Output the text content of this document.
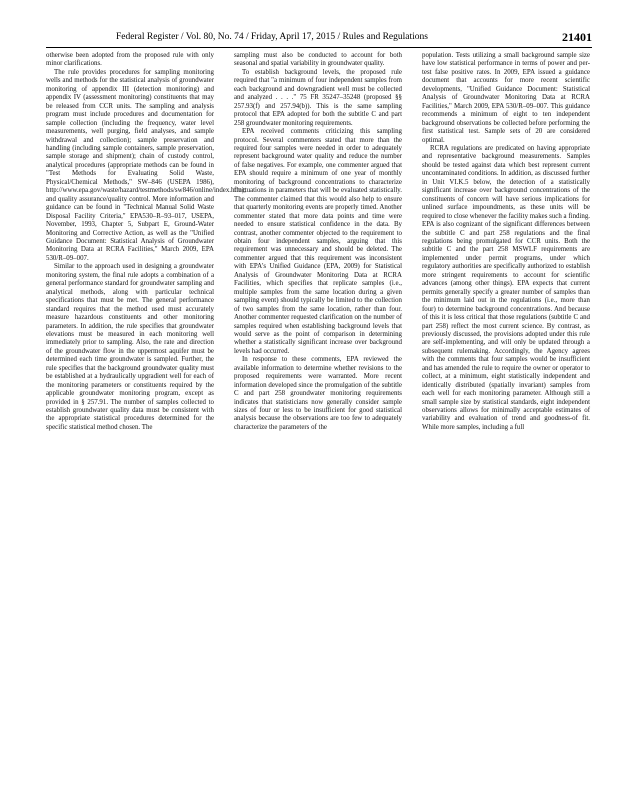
Federal Register / Vol. 80, No. 74 / Friday, April 17, 2015 / Rules and Regulations	21401

otherwise been adopted from the proposed rule with only minor clarifications.

The rule provides procedures for sampling monitoring wells and methods for the statistical analysis of groundwater monitoring of appendix III (detection monitoring) and appendix IV (assessment monitoring) constituents that may be released from CCR units. The sampling and analysis program must include procedures and documentation for sample collection (including the frequency, water level measurements, well purging, field analyses, and sample withdrawal and collection); sample preservation and handling (including sample containers, sample preservation, sample storage and shipment); chain of custody control, analytical procedures (appropriate methods can be found in "Test Methods for Evaluating Solid Waste, Physical/Chemical Methods," SW–846 (USEPA 1986), http://www.epa.gov/waste/hazard/testmethods/sw846/online/index.htm); and quality assurance/quality control. More information and guidance can be found in "Technical Manual Solid Waste Disposal Facility Criteria," EPA530–R–93–017, USEPA, November, 1993, Chapter 5, Subpart E, Ground-Water Monitoring and Corrective Action, as well as the "Unified Guidance Document: Statistical Analysis of Groundwater Monitoring Data at RCRA Facilities," March 2009, EPA 530/R–09–007.

Similar to the approach used in designing a groundwater monitoring system, the final rule adopts a combination of a general performance standard for groundwater sampling and analytical methods, along with particular technical specifications that must be met. The general performance standard requires that the method used must accurately measure hazardous constituents and other monitoring parameters. In addition, the rule specifies that groundwater elevations must be measured in each monitoring well immediately prior to sampling. Also, the rate and direction of the groundwater flow in the uppermost aquifer must be determined each time groundwater is sampled. Further, the rule specifies that the background groundwater quality must be established at a hydraulically upgradient well for each of the monitoring parameters or constituents required by the applicable groundwater monitoring program, except as provided in § 257.91. The number of samples collected to establish groundwater quality data must be consistent with the appropriate statistical procedures determined for the specific statistical method chosen. The

sampling must also be conducted to account for both seasonal and spatial variability in groundwater quality.

To establish background levels, the proposed rule required that "a minimum of four independent samples from each background and downgradient well must be collected and analyzed . . . ." 75 FR 35247–35248 (proposed §§ 257.93(f) and 257.94(b)). This is the same sampling protocol that EPA adopted for both the subtitle C and part 258 groundwater monitoring requirements.

EPA received comments criticizing this sampling protocol. Several commenters stated that more than the required four samples were needed in order to adequately represent background water quality and reduce the number of false negatives. For example, one commenter argued that EPA should require a minimum of one year of monthly monitoring of background concentrations to characterize fluctuations in parameters that will be evaluated statistically. The commenter claimed that this would also help to ensure that quarterly monitoring events are properly timed. Another commenter stated that more data points and time were needed to ensure statistical confidence in the data. By contrast, another commenter objected to the requirement to obtain four independent samples, arguing that this requirement was unnecessary and should be deleted. The commenter argued that this requirement was inconsistent with EPA's Unified Guidance (EPA, 2009) for Statistical Analysis of Groundwater Monitoring Data at RCRA Facilities, which specifies that replicate samples (i.e., multiple samples from the same location during a given sampling event) should typically be limited to the collection of two samples from the same location, rather than four. Another commenter requested clarification on the number of samples required when establishing background levels that would serve as the point of comparison in determining whether a statistically significant increase over background levels had occurred.

In response to these comments, EPA reviewed the available information to determine whether revisions to the proposed requirements were warranted. More recent information developed since the promulgation of the subtitle C and part 258 groundwater monitoring requirements indicates that statisticians now generally consider sample sizes of four or less to be insufficient for good statistical analysis because the observations are too few to adequately characterize the parameters of the

population. Tests utilizing a small background sample size have low statistical performance in terms of power and per-test false positive rates. In 2009, EPA issued a guidance document that accounts for more recent scientific developments, "Unified Guidance Document: Statistical Analysis of Groundwater Monitoring Data at RCRA Facilities," March 2009, EPA 530/R–09–007. This guidance recommends a minimum of eight to ten independent background observations be collected before performing the first statistical test. Sample sets of 20 are considered optimal.

RCRA regulations are predicated on having appropriate and representative background measurements. Samples should be tested against data which best represent current uncontaminated conditions. In addition, as discussed further in Unit VI.K.5 below, the detection of a statistically significant increase over background concentrations of the constituents of concern will have serious implications for unlined surface impoundments, as these units will be required to close whenever the facility makes such a finding. EPA is also cognizant of the significant differences between the subtitle C and part 258 regulations and the final regulations being promulgated for CCR units. Both the subtitle C and the part 258 MSWLF requirements are implemented under permit programs, under which regulatory authorities are specifically authorized to establish more stringent requirements to account for scientific advances (among other things). EPA expects that current permits generally specify a greater number of samples than the minimum laid out in the regulations (i.e., more than four) to determine background concentrations. And because of this it is less critical that those regulations (subtitle C and part 258) reflect the most current science. By contrast, as previously discussed, the provisions adopted under this rule are self-implementing, and will only be updated through a subsequent rulemaking. Accordingly, the Agency agrees with the comments that four samples would be insufficient and has amended the rule to require the owner or operator to collect, at a minimum, eight statistically independent and identically distributed (spatially invariant) samples from each well for each monitoring parameter. Although still a small sample size by statistical standards, eight independent observations allows for minimally acceptable estimates of variability and evaluation of trend and goodness-of fit. While more samples, including a full
